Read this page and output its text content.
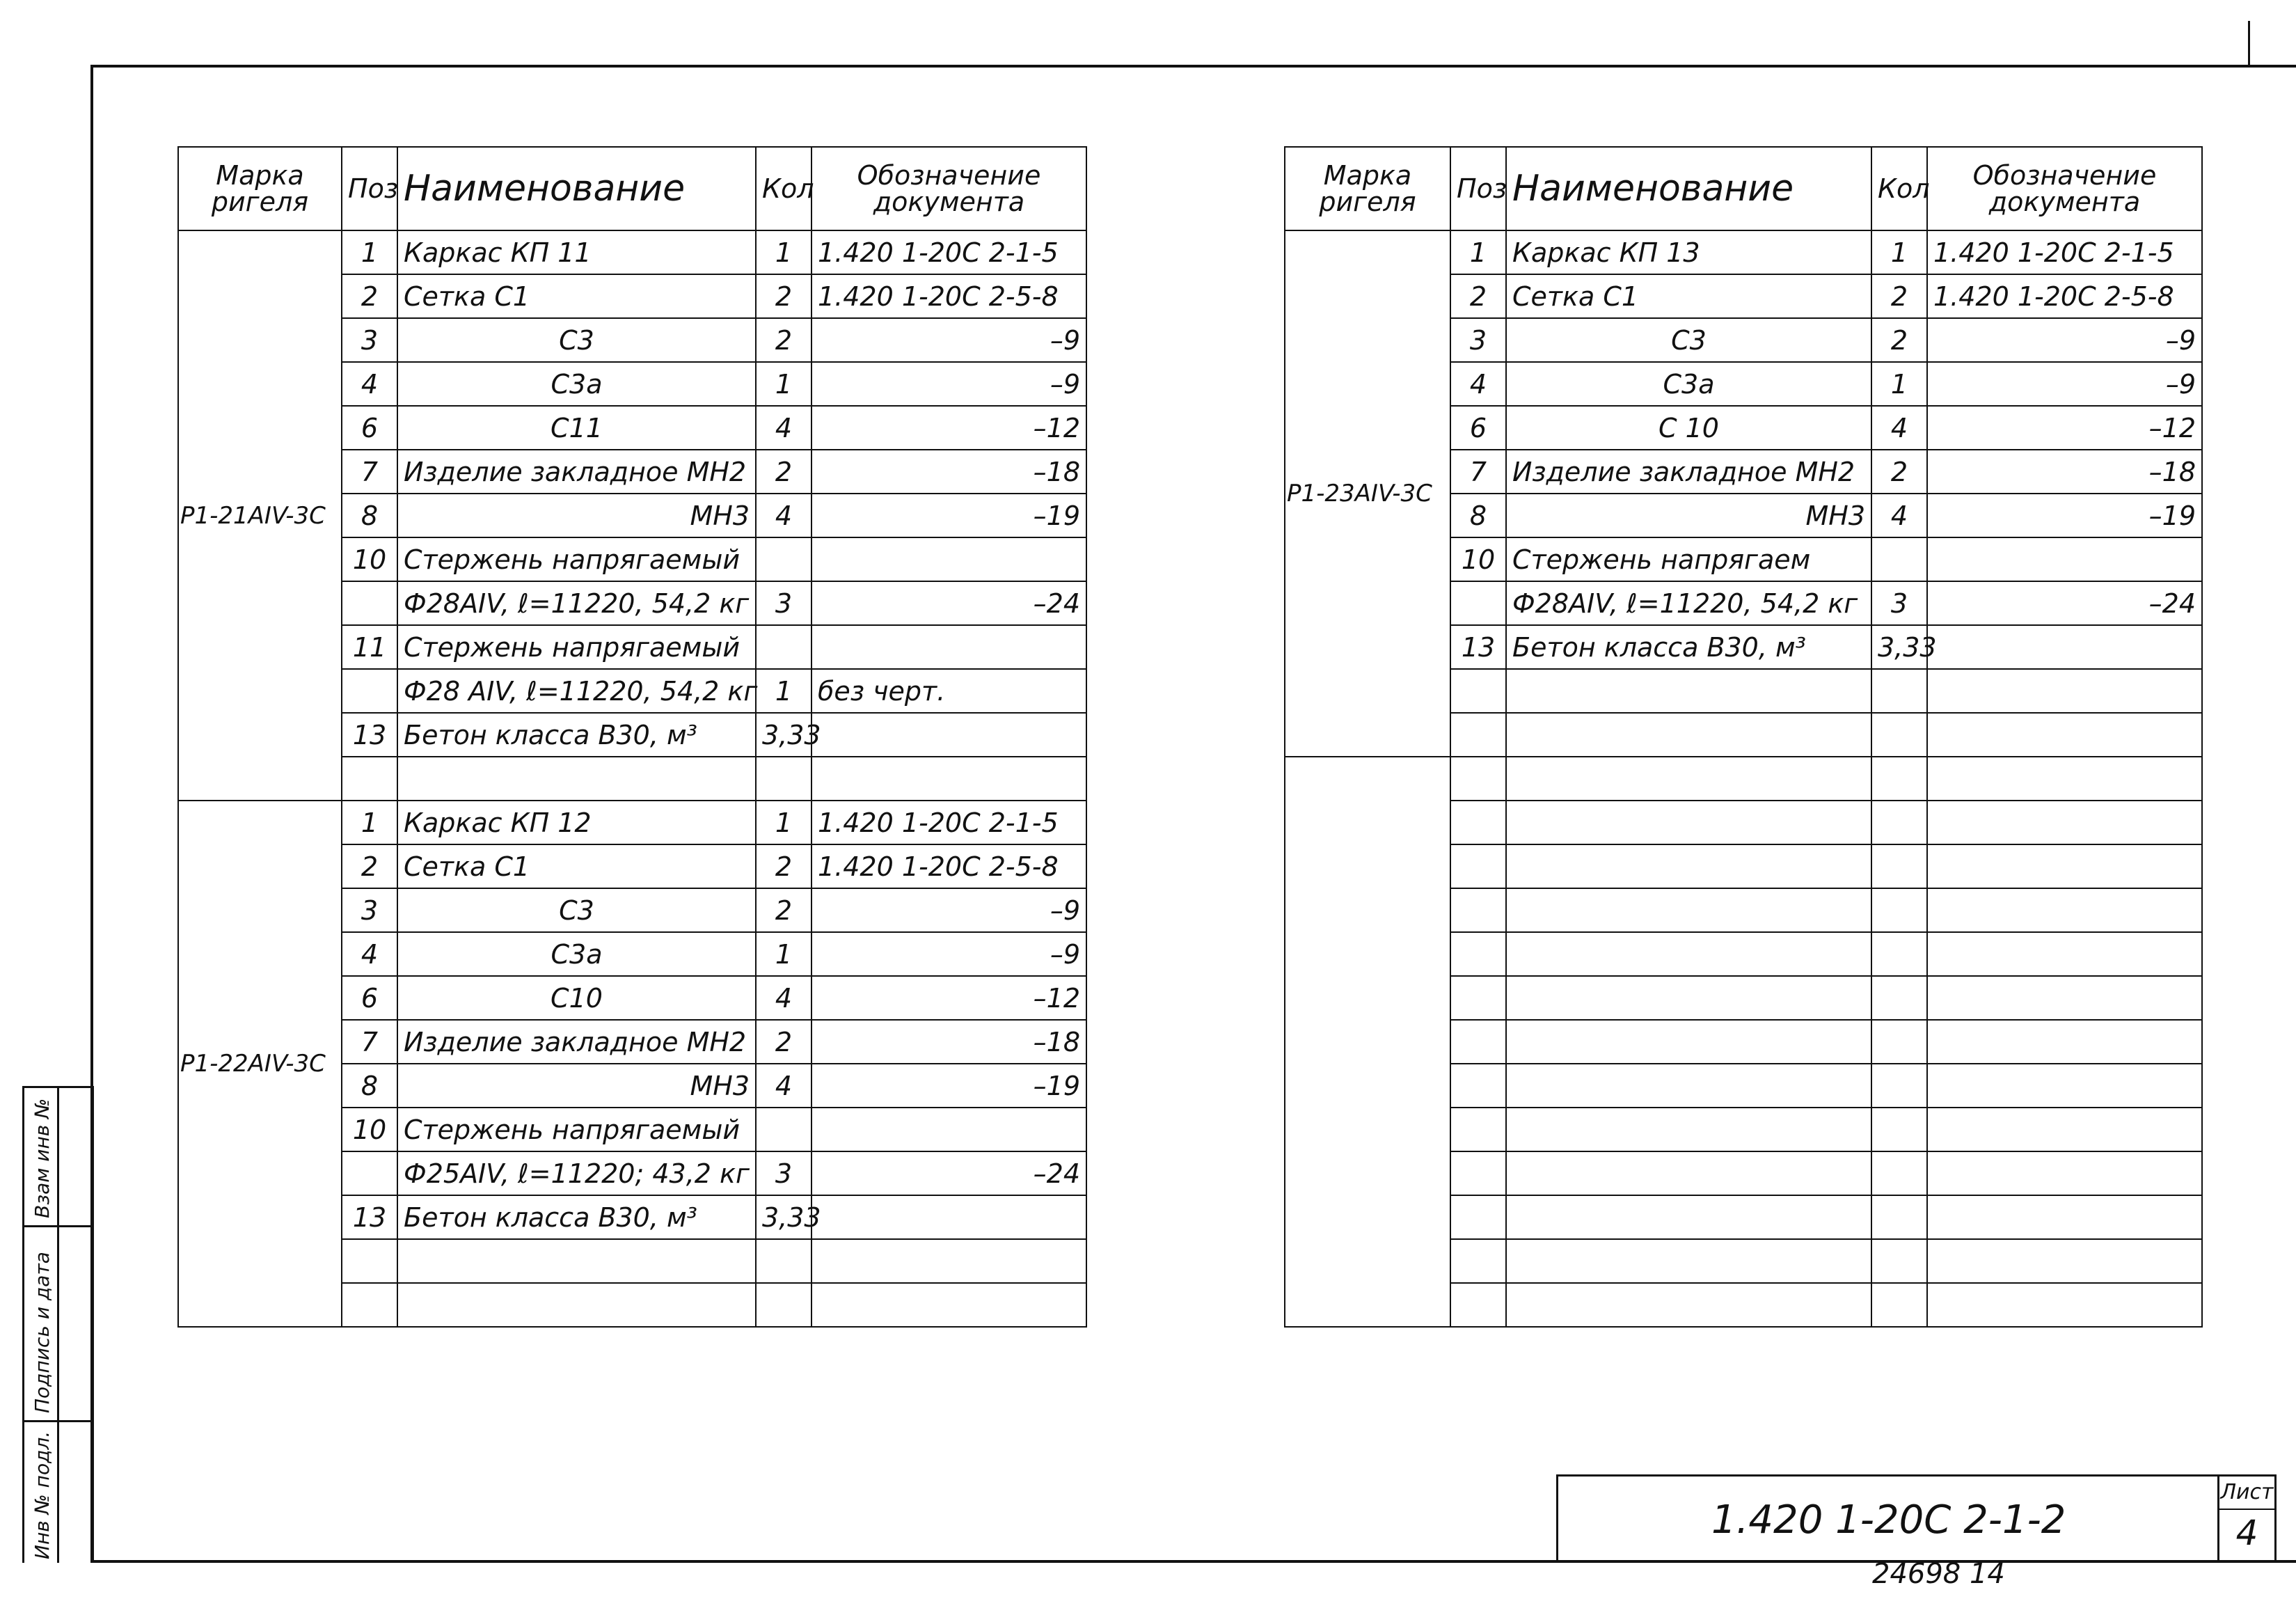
Марка ригеля	Поз	Наименование	Кол	Обозначение документа
Р1-21АIV-3С	1	Каркас КП 11	1	1.420 1-20С 2-1-5
	2	Сетка С1	2	1.420 1-20С 2-5-8
	3	С3	2	–9
	4	С3а	1	–9
	6	С11	4	–12
	7	Изделие закладное МН2	2	–18
	8	МН3	4	–19
	10	Стержень напрягаемый		
		Ф28АIV, ℓ=11220, 54,2 кг	3	–24
	11	Стержень напрягаемый		
		Ф28 АIV, ℓ=11220, 54,2 кг	1	без черт.
	13	Бетон класса В30, м³	3,33	

Р1-22АIV-3С	1	Каркас КП 12	1	1.420 1-20С 2-1-5
	2	Сетка С1	2	1.420 1-20С 2-5-8
	3	С3	2	–9
	4	С3а	1	–9
	6	С10	4	–12
	7	Изделие закладное МН2	2	–18
	8	МН3	4	–19
	10	Стержень напрягаемый		
		Ф25АIV, ℓ=11220; 43,2 кг	3	–24
	13	Бетон класса В30, м³	3,33	

Марка ригеля	Поз	Наименование	Кол	Обозначение документа
Р1-23АIV-3С	1	Каркас КП 13	1	1.420 1-20С 2-1-5
	2	Сетка С1	2	1.420 1-20С 2-5-8
	3	С3	2	–9
	4	С3а	1	–9
	6	С 10	4	–12
	7	Изделие закладное МН2	2	–18
	8	МН3	4	–19
	10	Стержень напрягаем		
		Ф28АIV, ℓ=11220, 54,2 кг	3	–24
	13	Бетон класса В30, м³	3,33	

1.420 1-20С 2-1-2
Лист
4
24698 14
Взам инв №
Подпись и дата
Инв № подл.
